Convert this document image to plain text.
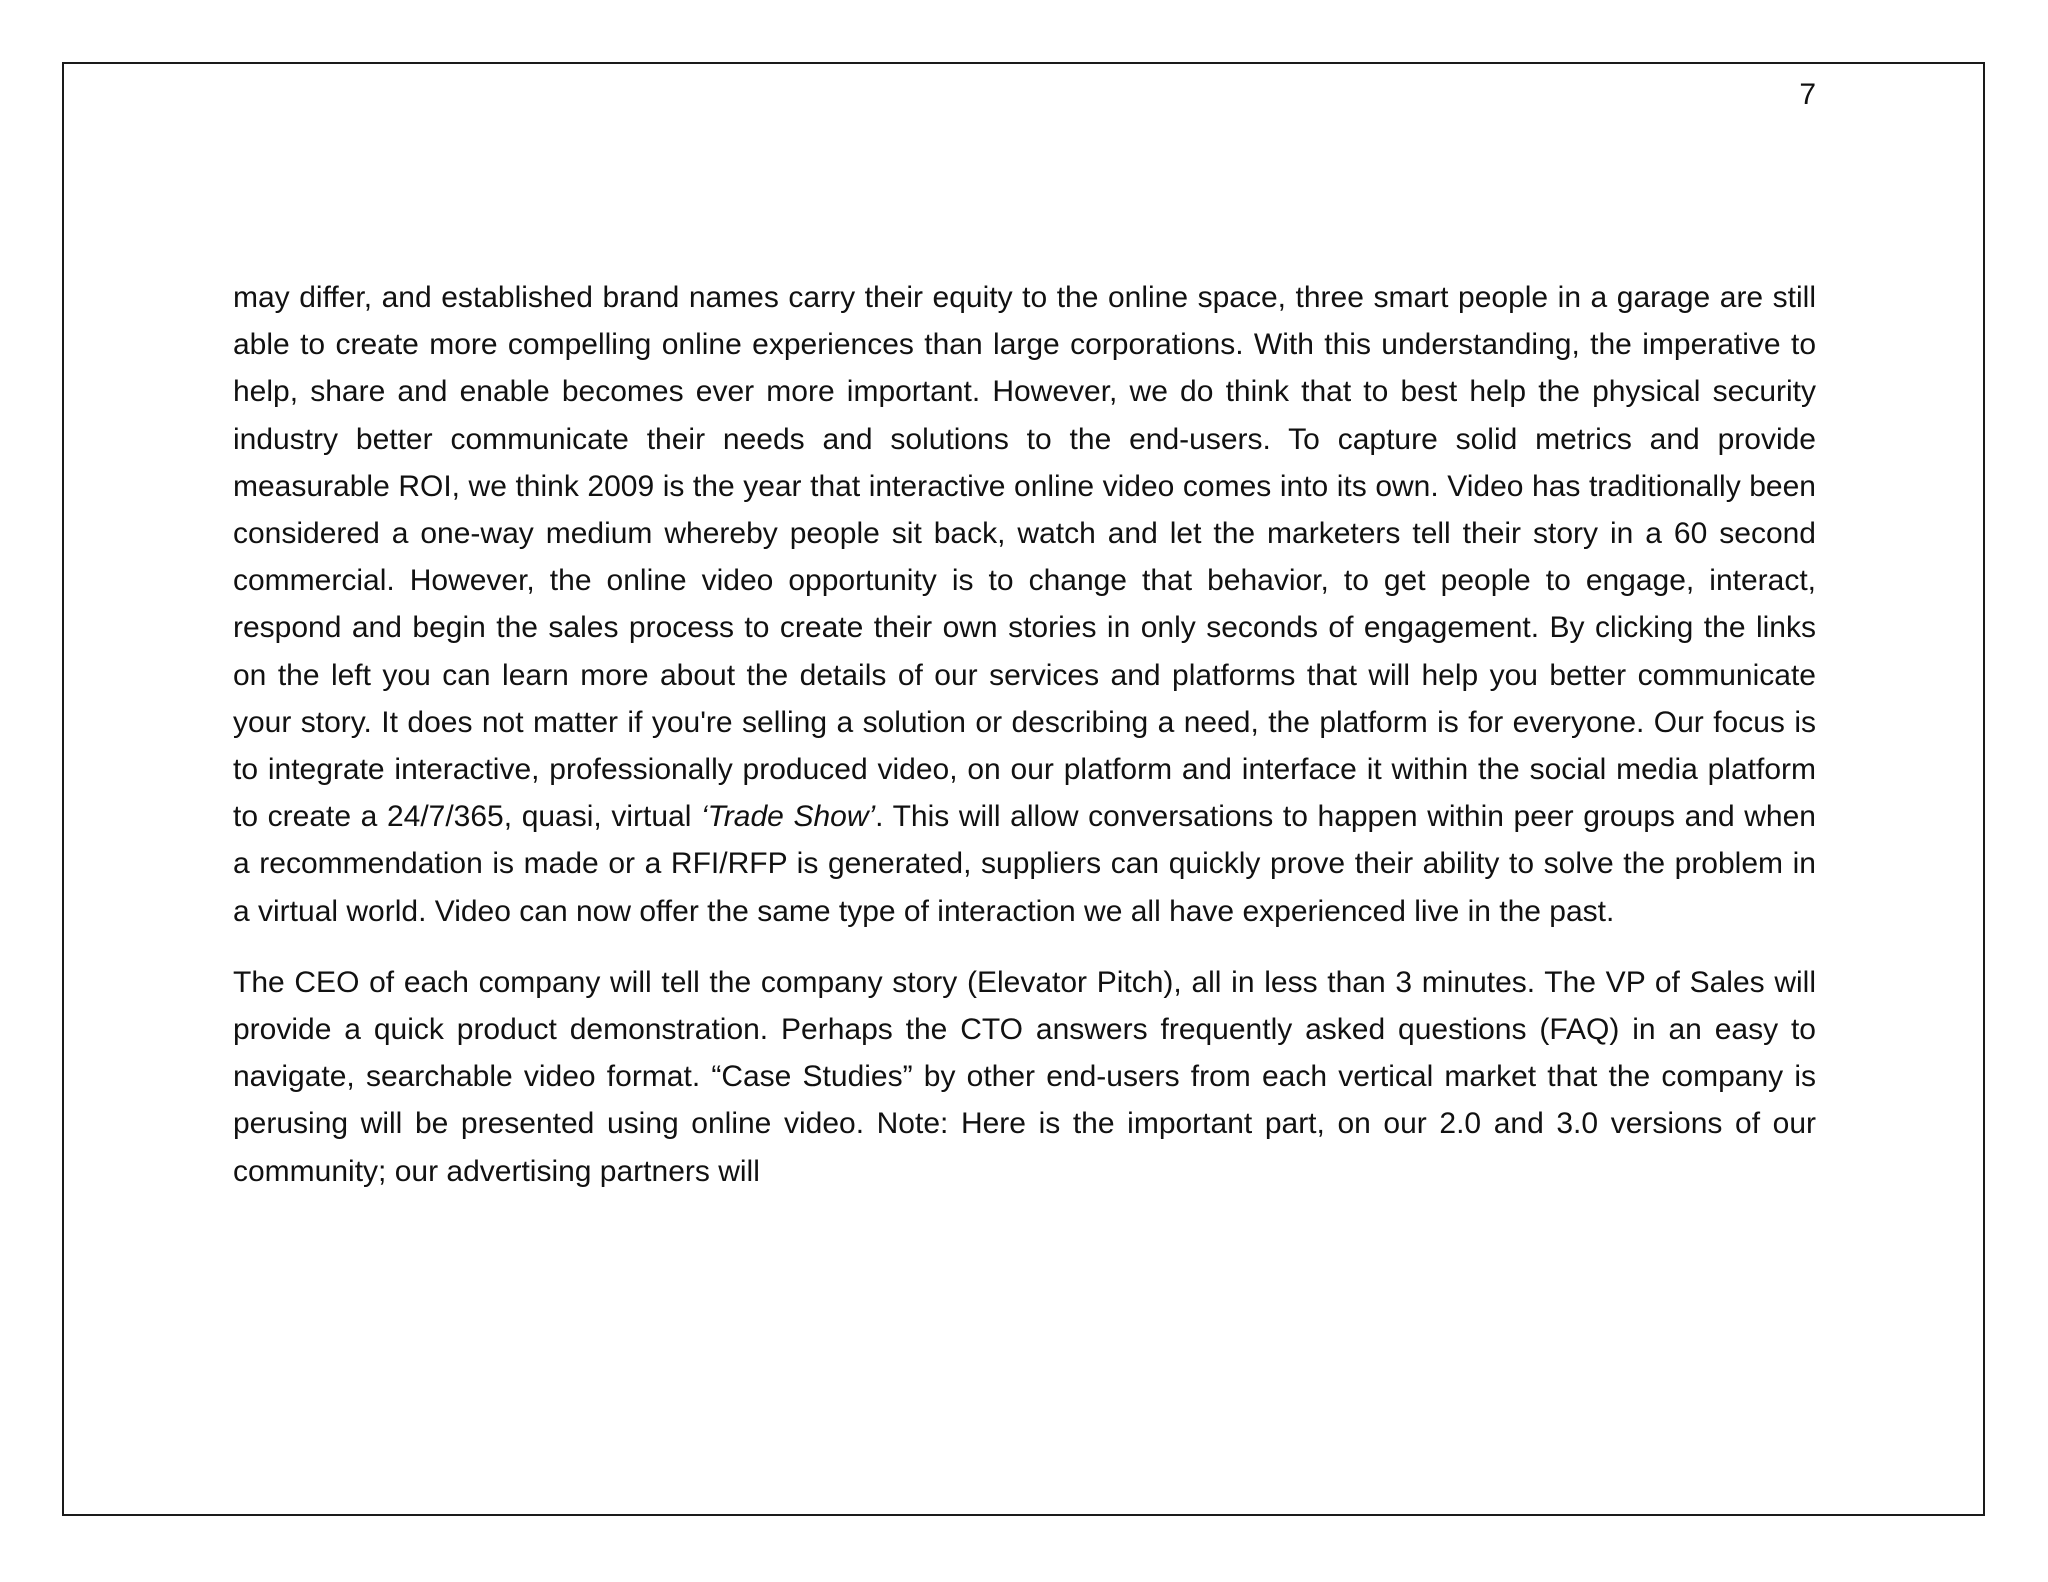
7

may differ, and established brand names carry their equity to the online space, three smart people in a garage are still able to create more compelling online experiences than large corporations. With this understanding, the imperative to help, share and enable becomes ever more important. However, we do think that to best help the physical security industry better communicate their needs and solutions to the end-users. To capture solid metrics and provide measurable ROI, we think 2009 is the year that interactive online video comes into its own. Video has traditionally been considered a one-way medium whereby people sit back, watch and let the marketers tell their story in a 60 second commercial. However, the online video opportunity is to change that behavior, to get people to engage, interact, respond and begin the sales process to create their own stories in only seconds of engagement. By clicking the links on the left you can learn more about the details of our services and platforms that will help you better communicate your story. It does not matter if you're selling a solution or describing a need, the platform is for everyone. Our focus is to integrate interactive, professionally produced video, on our platform and interface it within the social media platform to create a 24/7/365, quasi, virtual ‘Trade Show’. This will allow conversations to happen within peer groups and when a recommendation is made or a RFI/RFP is generated, suppliers can quickly prove their ability to solve the problem in a virtual world. Video can now offer the same type of interaction we all have experienced live in the past.

The CEO of each company will tell the company story (Elevator Pitch), all in less than 3 minutes. The VP of Sales will provide a quick product demonstration. Perhaps the CTO answers frequently asked questions (FAQ) in an easy to navigate, searchable video format. “Case Studies” by other end-users from each vertical market that the company is perusing will be presented using online video. Note: Here is the important part, on our 2.0 and 3.0 versions of our community; our advertising partners will
